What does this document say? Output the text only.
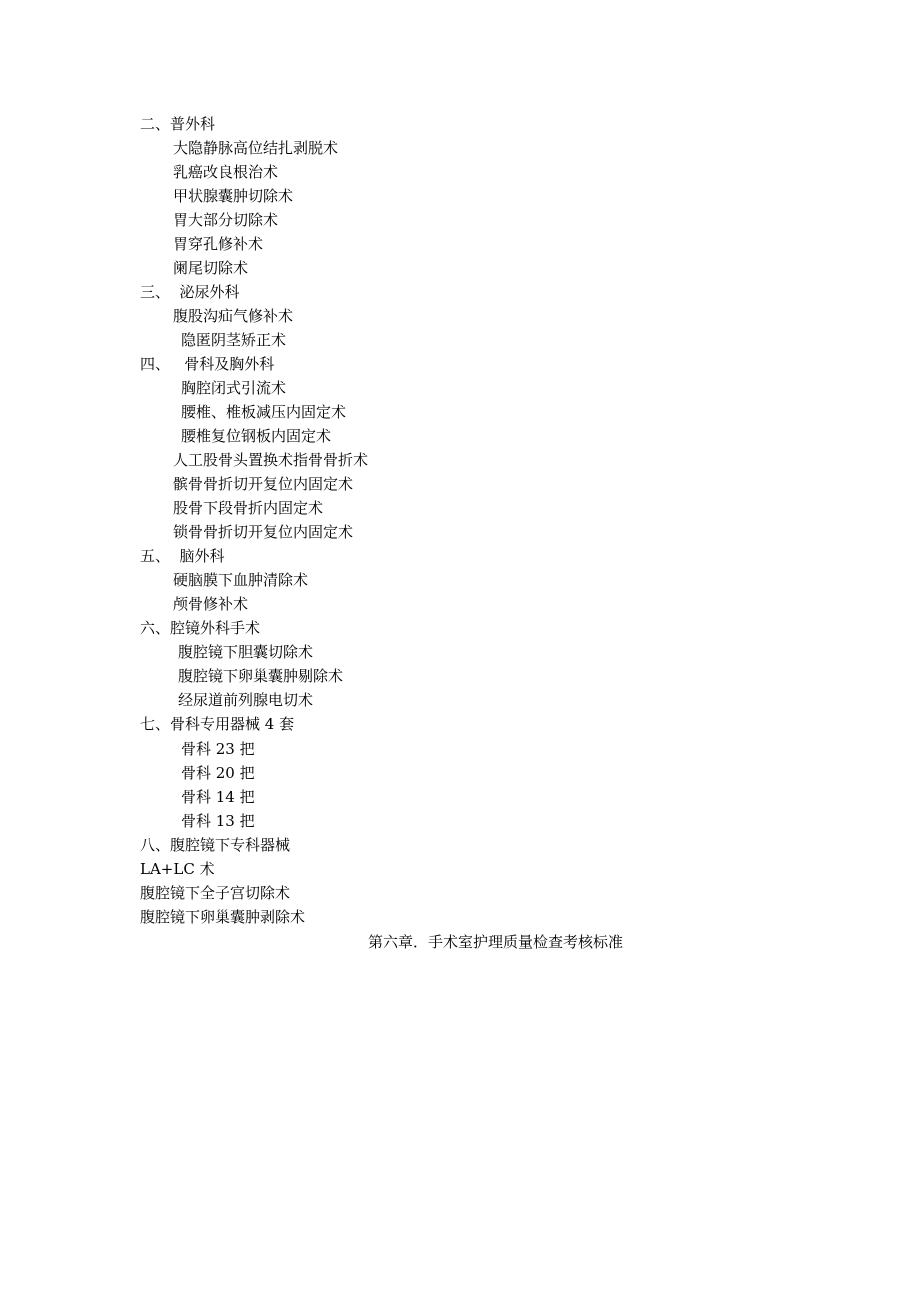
二、普外科
大隐静脉高位结扎剥脱术
乳癌改良根治术
甲状腺囊肿切除术
胃大部分切除术
胃穿孔修补术
阑尾切除术
三、  泌尿外科
腹股沟疝气修补术
隐匿阴茎矫正术
四、   骨科及胸外科
胸腔闭式引流术
腰椎、椎板减压内固定术
腰椎复位钢板内固定术
人工股骨头置换术指骨骨折术
髌骨骨折切开复位内固定术
股骨下段骨折内固定术
锁骨骨折切开复位内固定术
五、  脑外科
硬脑膜下血肿清除术
颅骨修补术
六、腔镜外科手术
腹腔镜下胆囊切除术
腹腔镜下卵巢囊肿剔除术
经尿道前列腺电切术
七、骨科专用器械 4 套
骨科 23 把
骨科 20 把
骨科 14 把
骨科 13 把
八、腹腔镜下专科器械
LA+LC 术
腹腔镜下全子宫切除术
腹腔镜下卵巢囊肿剥除术
第六章．手术室护理质量检查考核标准
